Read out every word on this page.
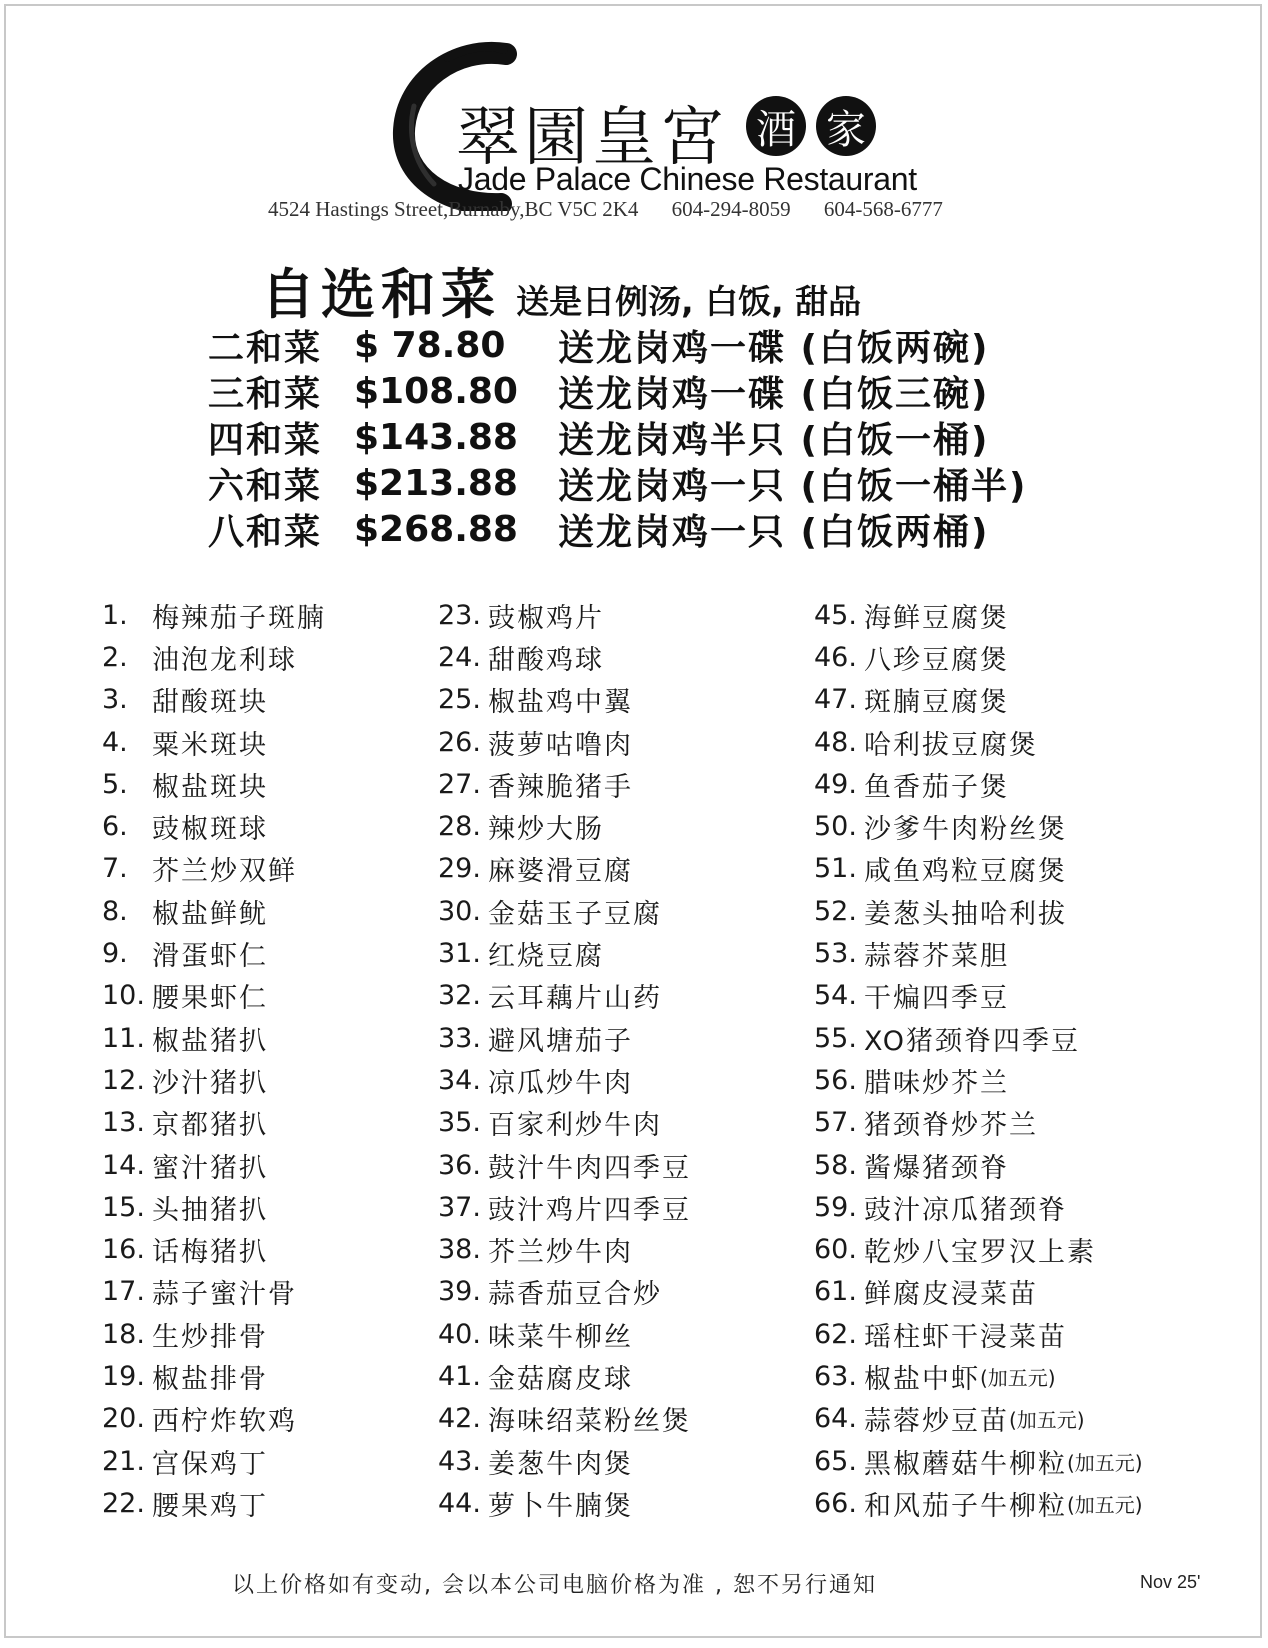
翠園皇宮 酒 家
Jade Palace Chinese Restaurant
4524 Hastings Street,Burnaby,BC V5C 2K4 604-294-8059 604-568-6777
自选和菜 送是日例汤, 白饭, 甜品
二和菜 $ 78.80	送龙岗鸡一碟 (白饭两碗)
三和菜 $108.80	送龙岗鸡一碟 (白饭三碗)
四和菜 $143.88	送龙岗鸡半只 (白饭一桶)
六和菜 $213.88	送龙岗鸡一只 (白饭一桶半)
八和菜 $268.88	送龙岗鸡一只 (白饭两桶)
1. 梅辣茄子斑腩
2. 油泡龙利球
3. 甜酸斑块
4. 粟米斑块
5. 椒盐斑块
6. 豉椒斑球
7. 芥兰炒双鲜
8. 椒盐鲜鱿
9. 滑蛋虾仁
10. 腰果虾仁
11. 椒盐猪扒
12. 沙汁猪扒
13. 京都猪扒
14. 蜜汁猪扒
15. 头抽猪扒
16. 话梅猪扒
17. 蒜子蜜汁骨
18. 生炒排骨
19. 椒盐排骨
20. 西柠炸软鸡
21. 宫保鸡丁
22. 腰果鸡丁
23. 豉椒鸡片
24. 甜酸鸡球
25. 椒盐鸡中翼
26. 菠萝咕噜肉
27. 香辣脆猪手
28. 辣炒大肠
29. 麻婆滑豆腐
30. 金菇玉子豆腐
31. 红烧豆腐
32. 云耳藕片山药
33. 避风塘茄子
34. 凉瓜炒牛肉
35. 百家利炒牛肉
36. 鼓汁牛肉四季豆
37. 豉汁鸡片四季豆
38. 芥兰炒牛肉
39. 蒜香茄豆合炒
40. 味菜牛柳丝
41. 金菇腐皮球
42. 海味绍菜粉丝煲
43. 姜葱牛肉煲
44. 萝卜牛腩煲
45. 海鲜豆腐煲
46. 八珍豆腐煲
47. 斑腩豆腐煲
48. 哈利拔豆腐煲
49. 鱼香茄子煲
50. 沙爹牛肉粉丝煲
51. 咸鱼鸡粒豆腐煲
52. 姜葱头抽哈利拔
53. 蒜蓉芥菜胆
54. 干煸四季豆
55. XO猪颈脊四季豆
56. 腊味炒芥兰
57. 猪颈脊炒芥兰
58. 酱爆猪颈脊
59. 豉汁凉瓜猪颈脊
60. 乾炒八宝罗汉上素
61. 鲜腐皮浸菜苗
62. 瑶柱虾干浸菜苗
63. 椒盐中虾 (加五元)
64. 蒜蓉炒豆苗 (加五元)
65. 黑椒蘑菇牛柳粒 (加五元)
66. 和风茄子牛柳粒 (加五元)
以上价格如有变动, 会以本公司电脑价格为准 , 恕不另行通知	Nov 25'
